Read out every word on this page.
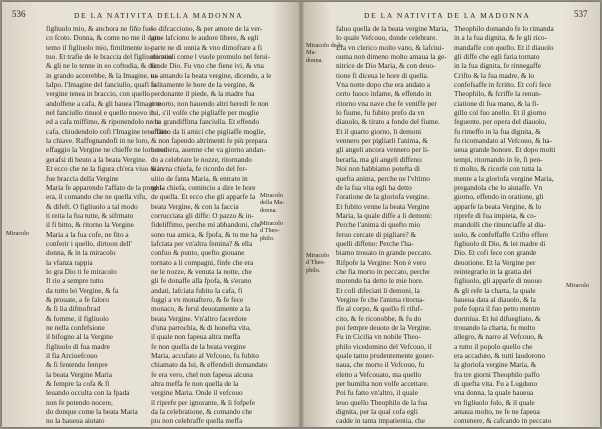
536	DE LA NATIVITA DELLA MADONNA
Miracolo
Miracolo
della Ma-
donna.
Miracolo
d Theo-
philo.
figliuolo mio, & anchora ne fiño fue-
co fcoto. Donna, & come no me il dare-
temo il figliuolo mio, fimilmente io-
tuo. Et trafie de le braccia del figliuolo mio
& gli ne lo tenne in eo coftodia, & dico
in grando accerebbe, & la Imagine, tu-
laIpo. l'Imagine del fanciullo, quafi la
vergine tenea in braccio, con quello
andoffene a cafa, & gli hauea l'Imagine
nel fanciullo rinuol e quello nuovo in
ed a cafa miffimo, & riponendolo ne la
cafa, chiudendolo cofi l'Imagine teneflaro
la chiave. Raffegnandofi in ne loro,
effaggio la Vergine ne chieffe ne loro non
gerafsi di beuto a la beata Vergine.
Et ecco che ne la figura ch'era viuo & in
fue braccia della Vergine
Maria fe apparendo l'affato de la preghi-
era, il comando che ne quella vifu,
& difeft. O figliuolo a tal modo
ti reita la fua tutte, & sifrmato
il fi bitto, & ritorno la Vergine
Maria a la fua cofe, ne fito a
conferir i quello, dirtoon dell'
donna, & in la miracolo
la vfanza rappia
lo gra Dio ti fe miracolo
Il rio a sempre tutto
da tutto lei Vergine, & fa
& prouate, a fe faloro
& fi lia difmoftrad
& fomme, il figliuolo
ne nella confefsione
il bifogno al la Vergine
figliuolo di fua madre
il fia Arciuefcouo
& fi fentendo fempre
la beata Vergine Maria
& fempre la cofa & fi
leuando occulta con la fpada
non fe potendo nocere,
do donque come la beata Maria
no la haueua aiutato
lo difcacciono, & per amore de la ver-
gine lafciono le audore libere, & egli
parte ne dì onnia & vno dimofrare a fi
miracoli come l vuole promulo nel ferui-
tio de Dio. Fu vno che fiene ivi, & vna
ua amando la beata vergine, dicendo, a le
folitamente le hore de la vergine, &
perdonante il piede, & la madre fua
e morto, non hauendo altri heredi fe non
lui, s'il volfe che pigliaffe per moglie
vna grandiffima fanciulla. Et effendo
afflitto da li amici che pigliaffe moglie,
& non fapendo altrimenti fe più prepara
herediera, auenne che va giorno andan-
do a celebrare le nozze, ritornando
via vna chiefa, fe ricordo del fer-
uitio de fanta Maria, & entrato in
ne la chiefa, comincio a dire le hore
de quella. Et ecco che gli apparfe la
beata Vergine, & con la faccia
corrucciata gli diffe: O pazzo & in-
fideliffimo, perche mi abbandoni, che
sono tua amica, & fpofa, & tu me ha
lafciata per vn'altra femina? & ella
confuo & punto, quefto giouane
tornato a li compagni, finfe che era
ne le nozze, & venuta la notte, che
gli fe donaffe alla fpofa, & s'erano
andati, lafciata fubito la cafa, fi
fuggi a vn monaftero, & fe fece
monaco, & feruì deuotamente a la
beata Vergine. Vn'altro facerdote
d'una parrochia, & di honefta vita,
il quale non fapeua altra meffa
fe non quella de la beata vergine
Maria, accufato al Vefcouo, fu fubito
chiamato da lui, & effendoli domandato
fe era vero, chel non fapeua alcuna
altra meffa fe non quella de la
vergine Maria. Onde il vefcouo
il riprefe per ignorante, & li fofpefe
da la celebratione, & comando che
piu non celebraffe quella meffa
DE LA NATIVITA DE LA MADONNA	537
Miracolo de la Ma-
donna.
Miracolo
d Theo-
philo.
Miracolo
faluo quella de la beata vergine Maria,
lo quale Vefcouo, donde celebrare.
Era vn clerico molto vano, & lafciui-
ouma non dimeno molto amaua la ge-
nitrice de Dio Maria, & con deuo-
tione fi diceua le hore di quella.
Vna notte dopo che era andato a
certo luoco infame, & effendo in
ritorno vna nave che fe veniffe per
lo fiume, fu fubito prefo da vn
diauolo, & tirato a fondo del fiume.
Et il quarto giorno, li demoni
vennero per pigliarli l'anima, &
gli angeli ancora vennero per li-
berarla, ma gli angeli diffeno:
Noi non habbiamo potefta di
quefta anima, perche ne l'vltimo
de la fua vita egli ha detto
l'oratione de la gloriofa vergine.
Et fubito venne la beata Vergine
Maria, la quale diffe a li demoni:
Perche l'anima di quefto mio
feruo cercate di pigliare? &
quelli diffeno: Perche l'ha-
biamo trouato in grande peccato.
Rifpofe la Vergine: Non è vero
che fia morto in peccato, perche
morendo ha detto le mie hore.
Et cofi difeciati li demoni, la
Vergine fe che l'anima ritorna-
ffe al corpo, & quello fi rifuf-
cito, & fe riconobbe, & fu do
poi fempre deuoto de la Vergine.
Fu in Cicilia vn nobile Theo-
philo vicedomino del Vefcouo, il
quale tanto prudentemente gouer-
naua, che morto il Vefcouo, fu
eletto a Vefcouato, ma quello
per humilta non volfe accettare.
Poi fu fatto vn'altro, il quale
leuo quello Theophilo de la fua
dignita, per la qual cofa egli
cadde in tanta impatientia, che
Theophilo domando fe lo rimanda
in a la fua dignita, & fe gli rico-
mandaffe con quello. Et il diauolo
gli diffe che egli faria tornato
in la fua dignita, fe rinnegaffe
Crifto & la fua madre, & lo
confefsaffe in fcritto. Et cofi fece
Theophilo, & fcriffe la renun-
ciatione di fua mano, & la fi-
gillo col fuo anello. Et il giorno
feguente, per opera del diauolo,
fu rimeffo in la fua dignita, &
fu ricomandato al Vefcouo, & ha-
ueua grande honore. Et dopo molti
tempi, ritornando in fe, fi pen-
ti molto, & ricorfe con tutta la
mente a la gloriofa vergine Maria,
pregandola che lo aiutaffe. Vn
giorno, effendo in oratione, gli
apparfe la beata Vergine, & lo
riprefe di fua impieta, & co-
mandolli che rinunciaffe al dia-
uolo, & confeffaffe Crifto effere
figliuolo di Dio, & lei madre di
Dio. Et cofi fece con grande
deuotione. Et la Vergine per
reintegrarlo in la gratia del
figliuolo, gli apparfe di nuouo
& gli refe la charta, la quale
haueua data al diauolo, & la
pofe fopra il fuo petto mentre
dormiua. Et lui difuegliato, &
trouando la charta, fu molto
allegro, & narro al Vefcouo, &
a tutto il popolo quello che
era accaduto, & tutti laudorono
la gloriofa vergine Maria, &
fra tre giorni Theophilo paffo
di quefta vita. Fu a Lugduno
vna donna, la quale haueua
vn figliuolo folo, & il quale
amaua molto, ne fe ne fapeua
contenere, & cafcando in peccato
